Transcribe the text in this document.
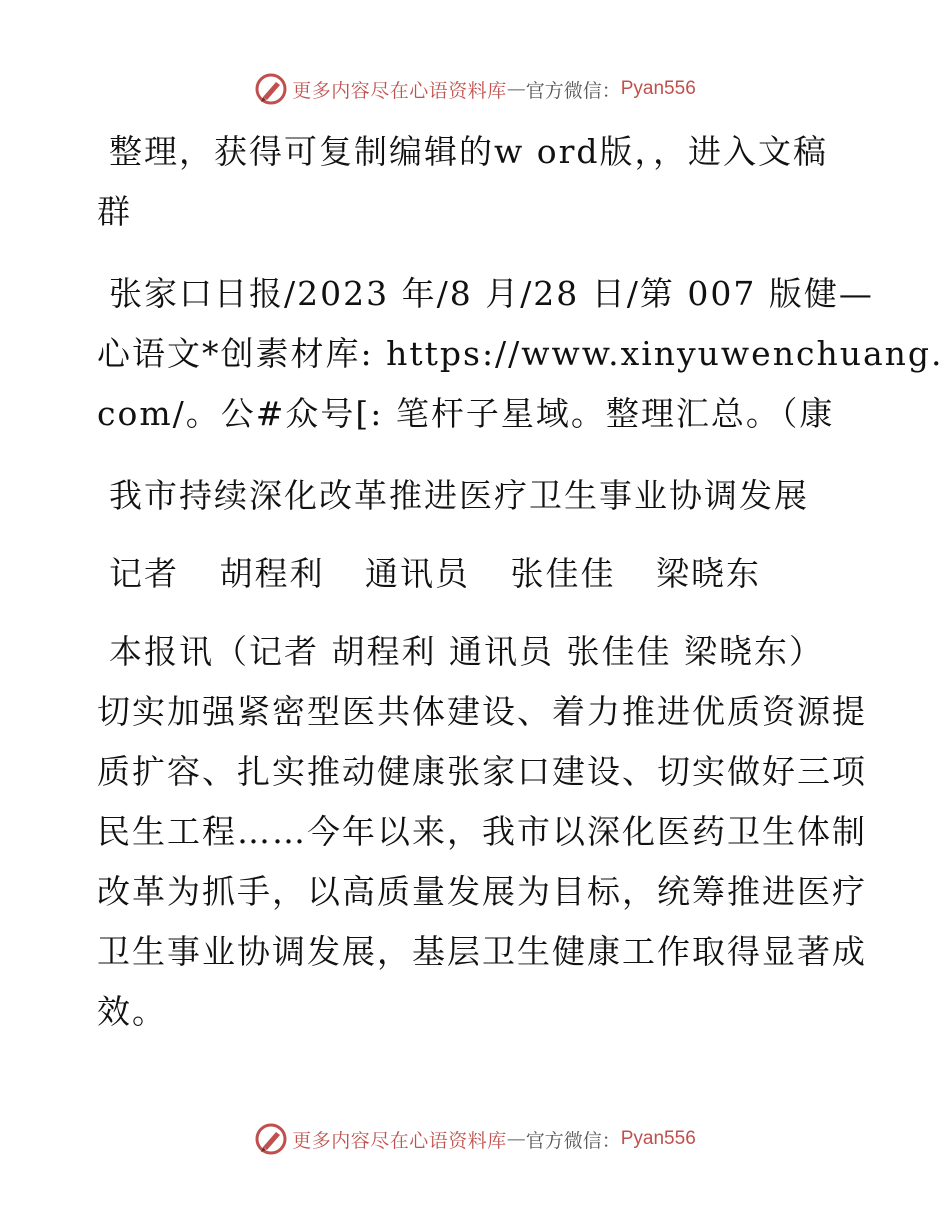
更多内容尽在心语资料库 — 官方微信： Pyan556

整理，获得可复制编辑的w ord版，，进入文稿

群

张家口日报/2023 年/8 月/28 日/第 007 版健—

心语文*创素材库: https://www.xinyuwenchuang.

com/。公#众号[: 笔杆子星域。整理汇总。（康

我市持续深化改革推进医疗卫生事业协调发展

记者 胡程利 通讯员 张佳佳 梁晓东

本报讯（记者 胡程利 通讯员 张佳佳 梁晓东）

切实加强紧密型医共体建设、着力推进优质资源提

质扩容、扎实推动健康张家口建设、切实做好三项

民生工程……今年以来，我市以深化医药卫生体制

改革为抓手，以高质量发展为目标，统筹推进医疗

卫生事业协调发展，基层卫生健康工作取得显著成

效。

更多内容尽在心语资料库 — 官方微信： Pyan556
